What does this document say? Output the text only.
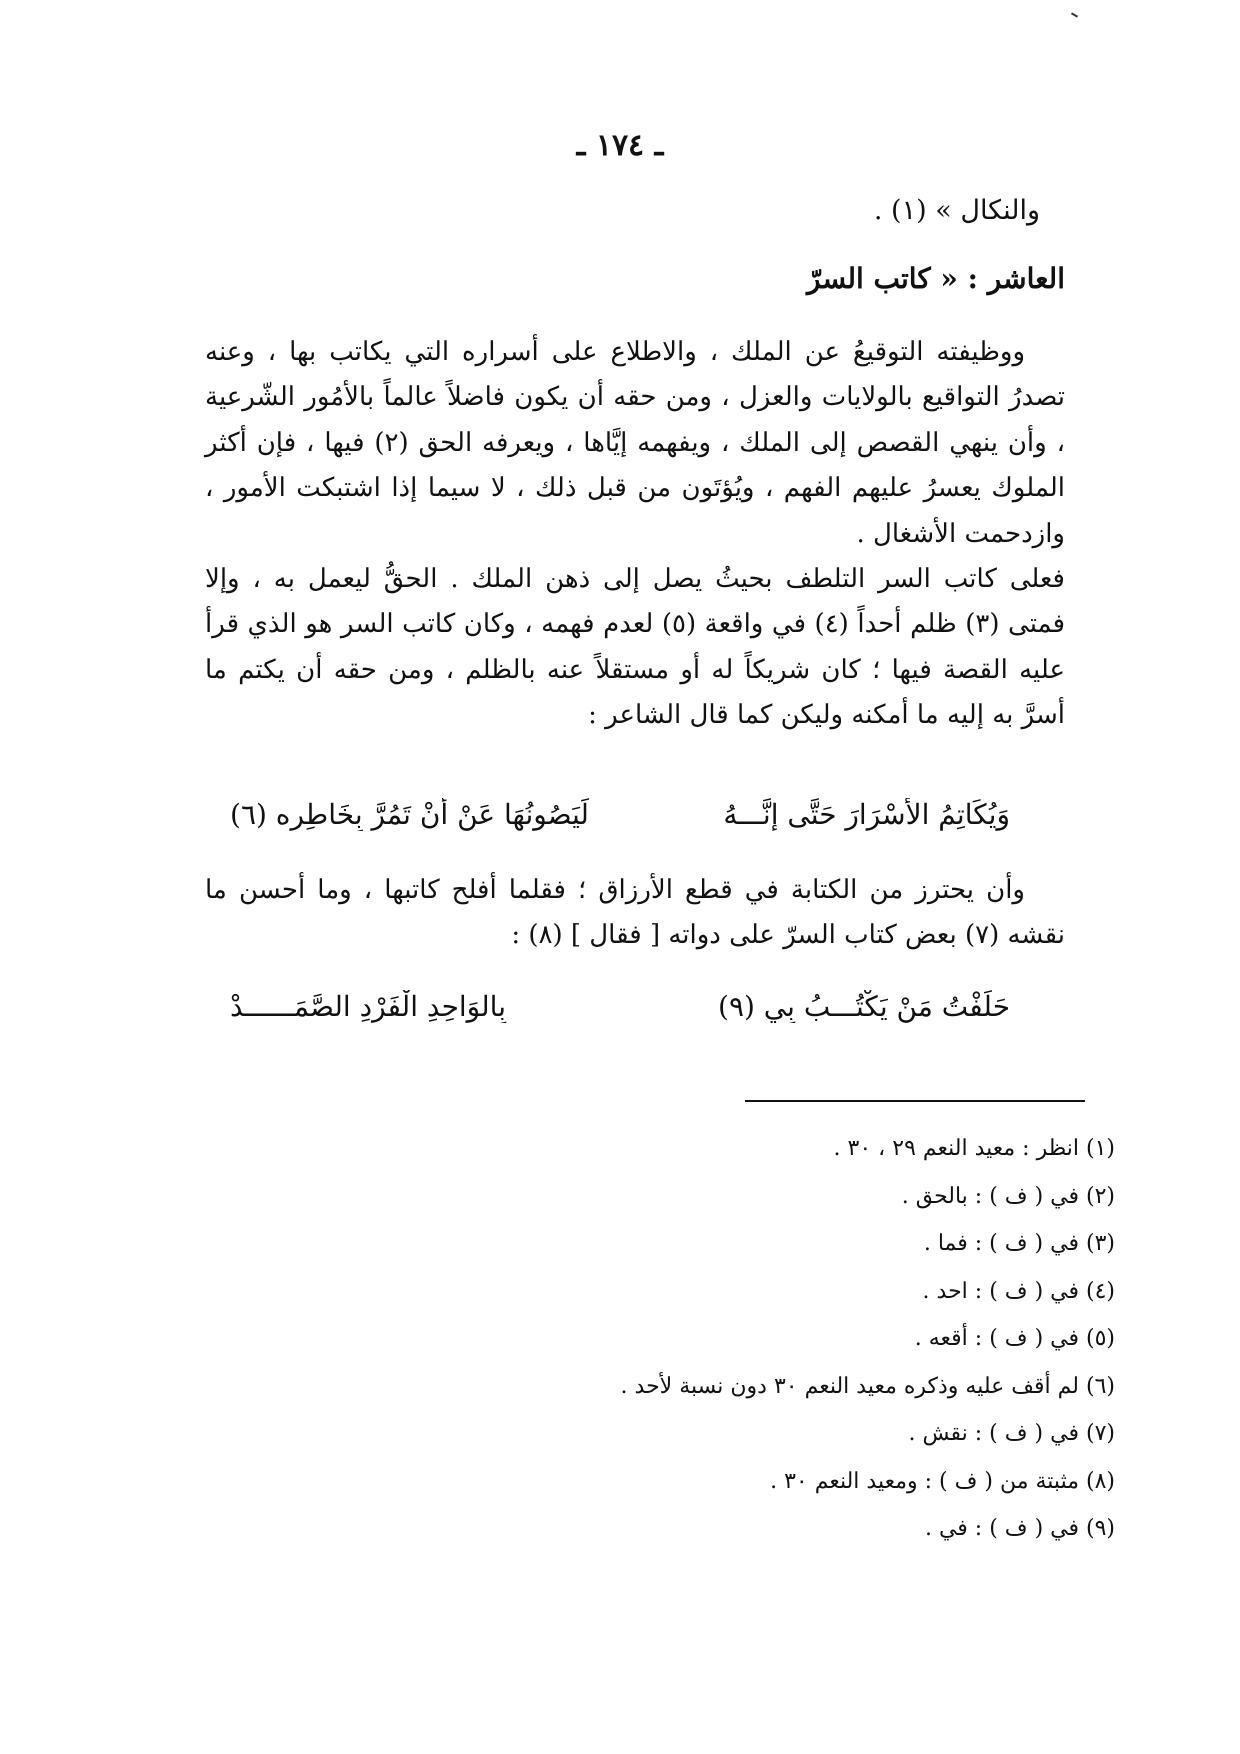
ـ ١٧٤ ـ
والنكال » (١) .
العاشر : « كاتب السرّ

ووظيفته التوقيعُ عن الملك ، والاطلاع على أسراره التي يكاتب بها ، وعنه تصدرُ التواقيع بالولايات والعزل ، ومن حقه أن يكون فاضلاً عالماً بالأمُور الشّرعية ، وأن ينهي القصص إلى الملك ، ويفهمه إيَّاها ، ويعرفه الحق (٢) فيها ، فإن أكثر الملوك يعسرُ عليهم الفهم ، ويُؤتَون من قبل ذلك ، لا سيما إذا اشتبكت الأمور ، وازدحمت الأشغال .

فعلى كاتب السر التلطف بحيثُ يصل إلى ذهن الملك . الحقُّ ليعمل به ، وإلا فمتى (٣) ظلم أحداً (٤) في واقعة (٥) لعدم فهمه ، وكان كاتب السر هو الذي قرأ عليه القصة فيها ؛ كان شريكاً له أو مستقلاً عنه بالظلم ، ومن حقه أن يكتم ما أسرَّ به إليه ما أمكنه وليكن كما قال الشاعر :

وَيُكَاتِمُ الأَسْرَارَ حَتَّى إِنَّـــهُ
لَيَصُونُهَا عَنْ أَنْ تَمُرَّ بِخَاطِرِه (٦)

وأن يحترز من الكتابة في قطع الأرزاق ؛ فقلما أفلح كاتبها ، وما أحسن ما نقشه (٧) بعض كتاب السرّ على دواته [ فقال ] (٨) :

حَلَفْتُ مَنْ يَكْتُـــبُ بِي (٩)
بِالوَاحِدِ الْفَرْدِ الصَّمَــــــدْ
(١) انظر : معيد النعم ٢٩ ، ٣٠ .
(٢) في ( ف ) : بالحق .
(٣) في ( ف ) : فما .
(٤) في ( ف ) : احد .
(٥) في ( ف ) : أقعه .
(٦) لم أقف عليه وذكره معيد النعم ٣٠ دون نسبة لأحد .
(٧) في ( ف ) : نقش .
(٨) مثبتة من ( ف ) : ومعيد النعم ٣٠ .
(٩) في ( ف ) : في .
